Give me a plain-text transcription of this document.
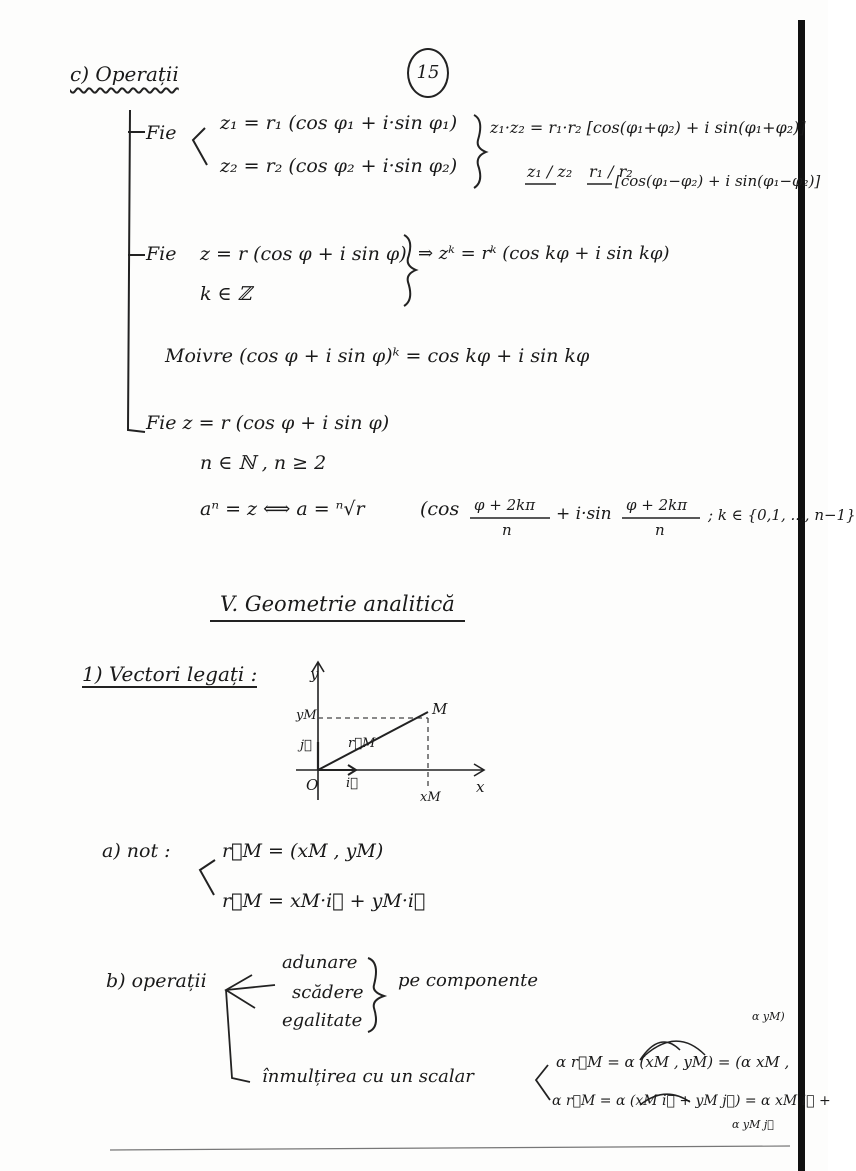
15
c) Operații
Fie z₁ = r₁ (cos φ₁ + i·sin φ₁)
z₂ = r₂ (cos φ₂ + i·sin φ₂)
z₁·z₂ = r₁·r₂ [cos(φ₁+φ₂) + i sin(φ₁+φ₂)]
z₁ / z₂ r₁ / r₂
[cos(φ₁−φ₂) + i sin(φ₁−φ₂)]
Fie z = r (cos φ + i sin φ)
k ∈ ℤ
⇒ zᵏ = rᵏ (cos kφ + i sin kφ)
Moivre (cos φ + i sin φ)ᵏ = cos kφ + i sin kφ
Fie z = r (cos φ + i sin φ)
n ∈ ℕ , n ≥ 2
aⁿ = z ⟺ a = ⁿ√r	(cos φ + 2kπ
n
+ i·sin φ + 2kπ
n
; k ∈ {0,1, ..., n−1}
V. Geometrie analitică
1) Vectori legați :	y
x
O
M
yM
xM
j⃗
i⃗
r⃗M
a) not :	r⃗M = (xM , yM)
r⃗M = xM·i⃗ + yM·i⃗
b) operații
adunare
scădere
egalitate
pe componente
înmulțirea cu un scalar
α r⃗M = α (xM , yM) = (α xM ,
α yM)
α r⃗M = α (xM i⃗ + yM j⃗) = α xM i⃗ +
α yM j⃗
